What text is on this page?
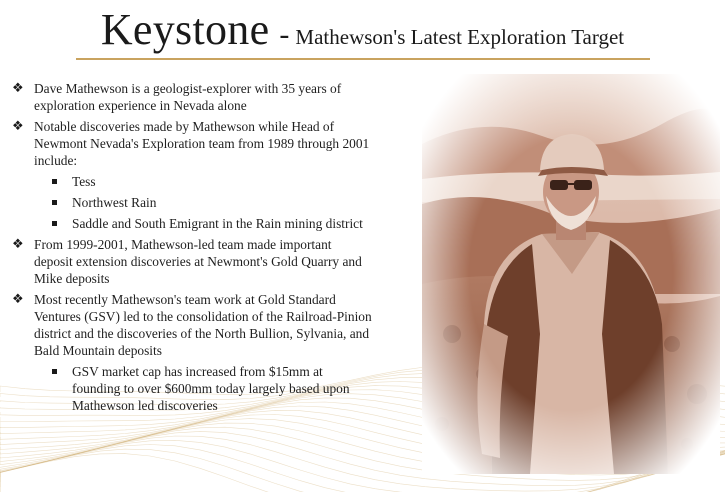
Keystone - Mathewson's Latest Exploration Target
❖ Dave Mathewson is a geologist-explorer with 35 years of exploration experience in Nevada alone
❖ Notable discoveries made by Mathewson while Head of Newmont Nevada's Exploration team from 1989 through 2001 include:
Tess
Northwest Rain
Saddle and South Emigrant in the Rain mining district
❖ From 1999-2001, Mathewson-led team made important deposit extension discoveries at Newmont's Gold Quarry and Mike deposits
❖ Most recently Mathewson's team work at Gold Standard Ventures (GSV) led to the consolidation of the Railroad-Pinion district and the discoveries of the North Bullion, Sylvania, and Bald Mountain deposits
GSV market cap has increased from $15mm at founding to over $600mm today largely based upon Mathewson led discoveries
